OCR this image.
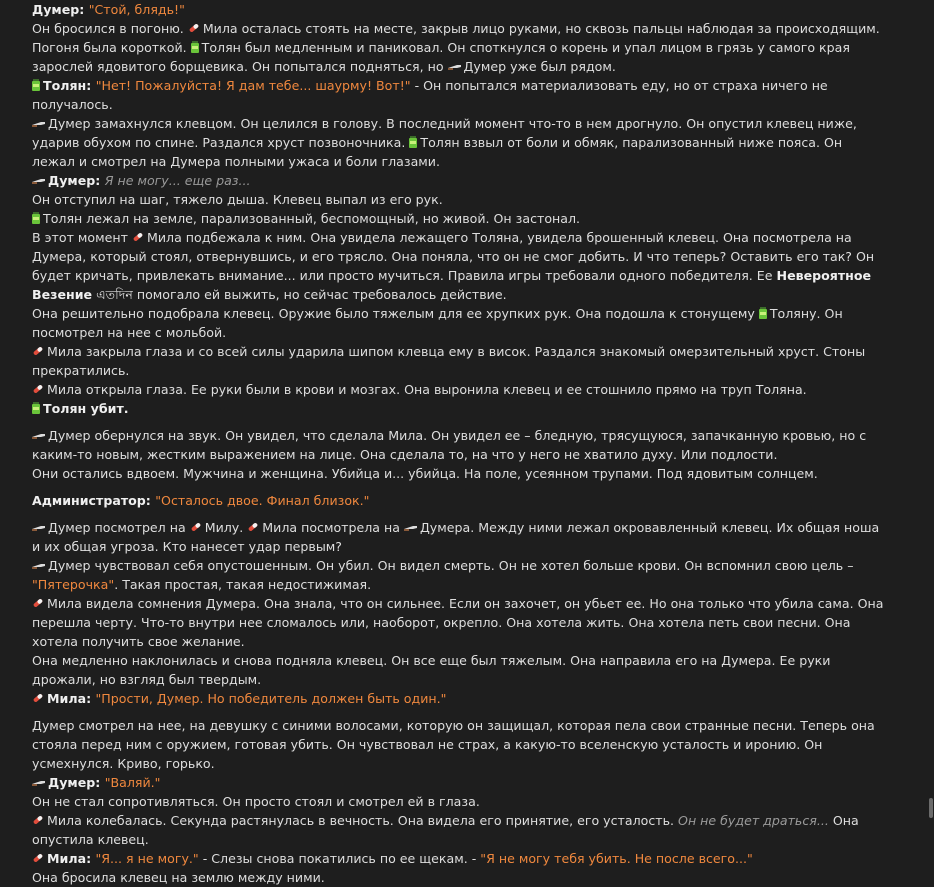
Думер: "Стой, блядь!"
Он бросился в погоню.
Мила осталась стоять на месте, закрыв лицо руками, но сквозь пальцы наблюдая за происходящим.
Погоня была короткой.
Толян был медленным и паниковал. Он споткнулся о корень и упал лицом в грязь у самого края зарослей ядовитого борщевика. Он попытался подняться, но
Думер уже был рядом.
Толян: "Нет! Пожалуйста! Я дам тебе... шаурму! Вот!" - Он попытался материализовать еду, но от страха ничего не получалось.
Думер замахнулся клевцом. Он целился в голову. В последний момент что-то в нем дрогнуло. Он опустил клевец ниже, ударив обухом по спине. Раздался хруст позвоночника.
Толян взвыл от боли и обмяк, парализованный ниже пояса. Он лежал и смотрел на Думера полными ужаса и боли глазами.
Думер: Я не могу... еще раз...
Он отступил на шаг, тяжело дыша. Клевец выпал из его рук.
Толян лежал на земле, парализованный, беспомощный, но живой. Он застонал.
В этот момент
Мила подбежала к ним. Она увидела лежащего Толяна, увидела брошенный клевец. Она посмотрела на Думера, который стоял, отвернувшись, и его трясло. Она поняла, что он не смог добить. И что теперь? Оставить его так? Он будет кричать, привлекать внимание... или просто мучиться. Правила игры требовали одного победителя. Ее Невероятное Везение এতদিন помогало ей выжить, но сейчас требовалось действие.
Она решительно подобрала клевец. Оружие было тяжелым для ее хрупких рук. Она подошла к стонущему
Толяну. Он посмотрел на нее с мольбой.
Мила закрыла глаза и со всей силы ударила шипом клевца ему в висок. Раздался знакомый омерзительный хруст. Стоны прекратились.
Мила открыла глаза. Ее руки были в крови и мозгах. Она выронила клевец и ее стошнило прямо на труп Толяна.
Толян убит.
Думер обернулся на звук. Он увидел, что сделала Мила. Он увидел ее – бледную, трясущуюся, запачканную кровью, но с каким-то новым, жестким выражением на лице. Она сделала то, на что у него не хватило духу. Или подлости.
Они остались вдвоем. Мужчина и женщина. Убийца и... убийца. На поле, усеянном трупами. Под ядовитым солнцем.
Администратор: "Осталось двое. Финал близок."
Думер посмотрел на
Милу.
Мила посмотрела на
Думера. Между ними лежал окровавленный клевец. Их общая ноша и их общая угроза. Кто нанесет удар первым?
Думер чувствовал себя опустошенным. Он убил. Он видел смерть. Он не хотел больше крови. Он вспомнил свою цель – "Пятерочка". Такая простая, такая недостижимая.
Мила видела сомнения Думера. Она знала, что он сильнее. Если он захочет, он убьет ее. Но она только что убила сама. Она перешла черту. Что-то внутри нее сломалось или, наоборот, окрепло. Она хотела жить. Она хотела петь свои песни. Она хотела получить свое желание.
Она медленно наклонилась и снова подняла клевец. Он все еще был тяжелым. Она направила его на Думера. Ее руки дрожали, но взгляд был твердым.
Мила: "Прости, Думер. Но победитель должен быть один."
Думер смотрел на нее, на девушку с синими волосами, которую он защищал, которая пела свои странные песни. Теперь она стояла перед ним с оружием, готовая убить. Он чувствовал не страх, а какую-то вселенскую усталость и иронию. Он усмехнулся. Криво, горько.
Думер: "Валяй."
Он не стал сопротивляться. Он просто стоял и смотрел ей в глаза.
Мила колебалась. Секунда растянулась в вечность. Она видела его принятие, его усталость. Он не будет драться... Она опустила клевец.
Мила: "Я... я не могу." - Слезы снова покатились по ее щекам. - "Я не могу тебя убить. Не после всего..."
Она бросила клевец на землю между ними.
